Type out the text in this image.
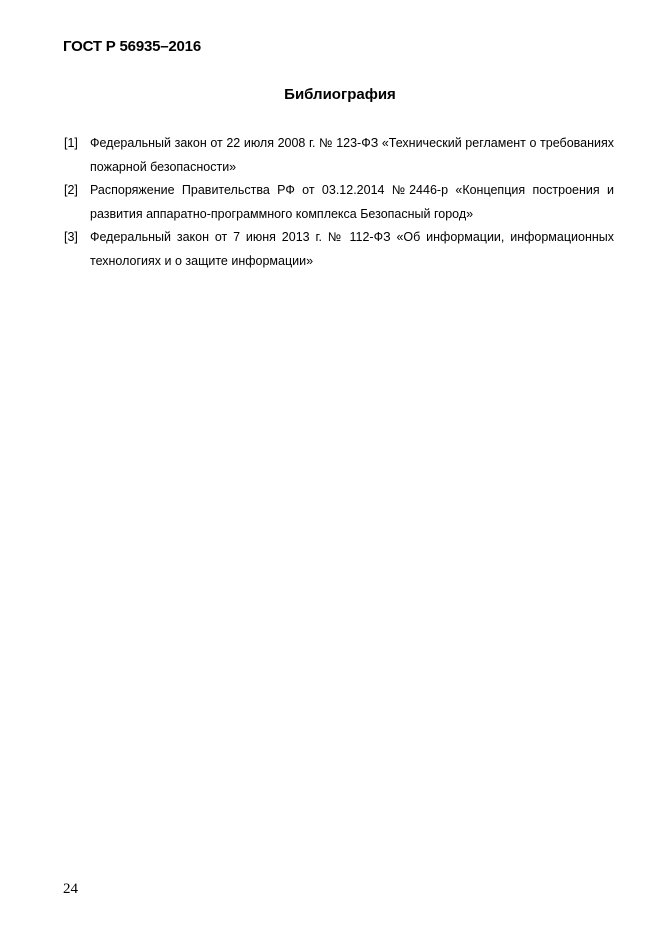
ГОСТ Р 56935–2016
Библиография
[1] Федеральный закон от 22 июля 2008 г. № 123-ФЗ «Технический регламент о требованиях пожарной безопасности»
[2] Распоряжение Правительства РФ от 03.12.2014 №2446-р «Концепция построения и развития аппаратно-программного комплекса Безопасный город»
[3] Федеральный закон от 7 июня 2013 г. № 112-ФЗ «Об информации, информационных технологиях и о защите информации»
24
